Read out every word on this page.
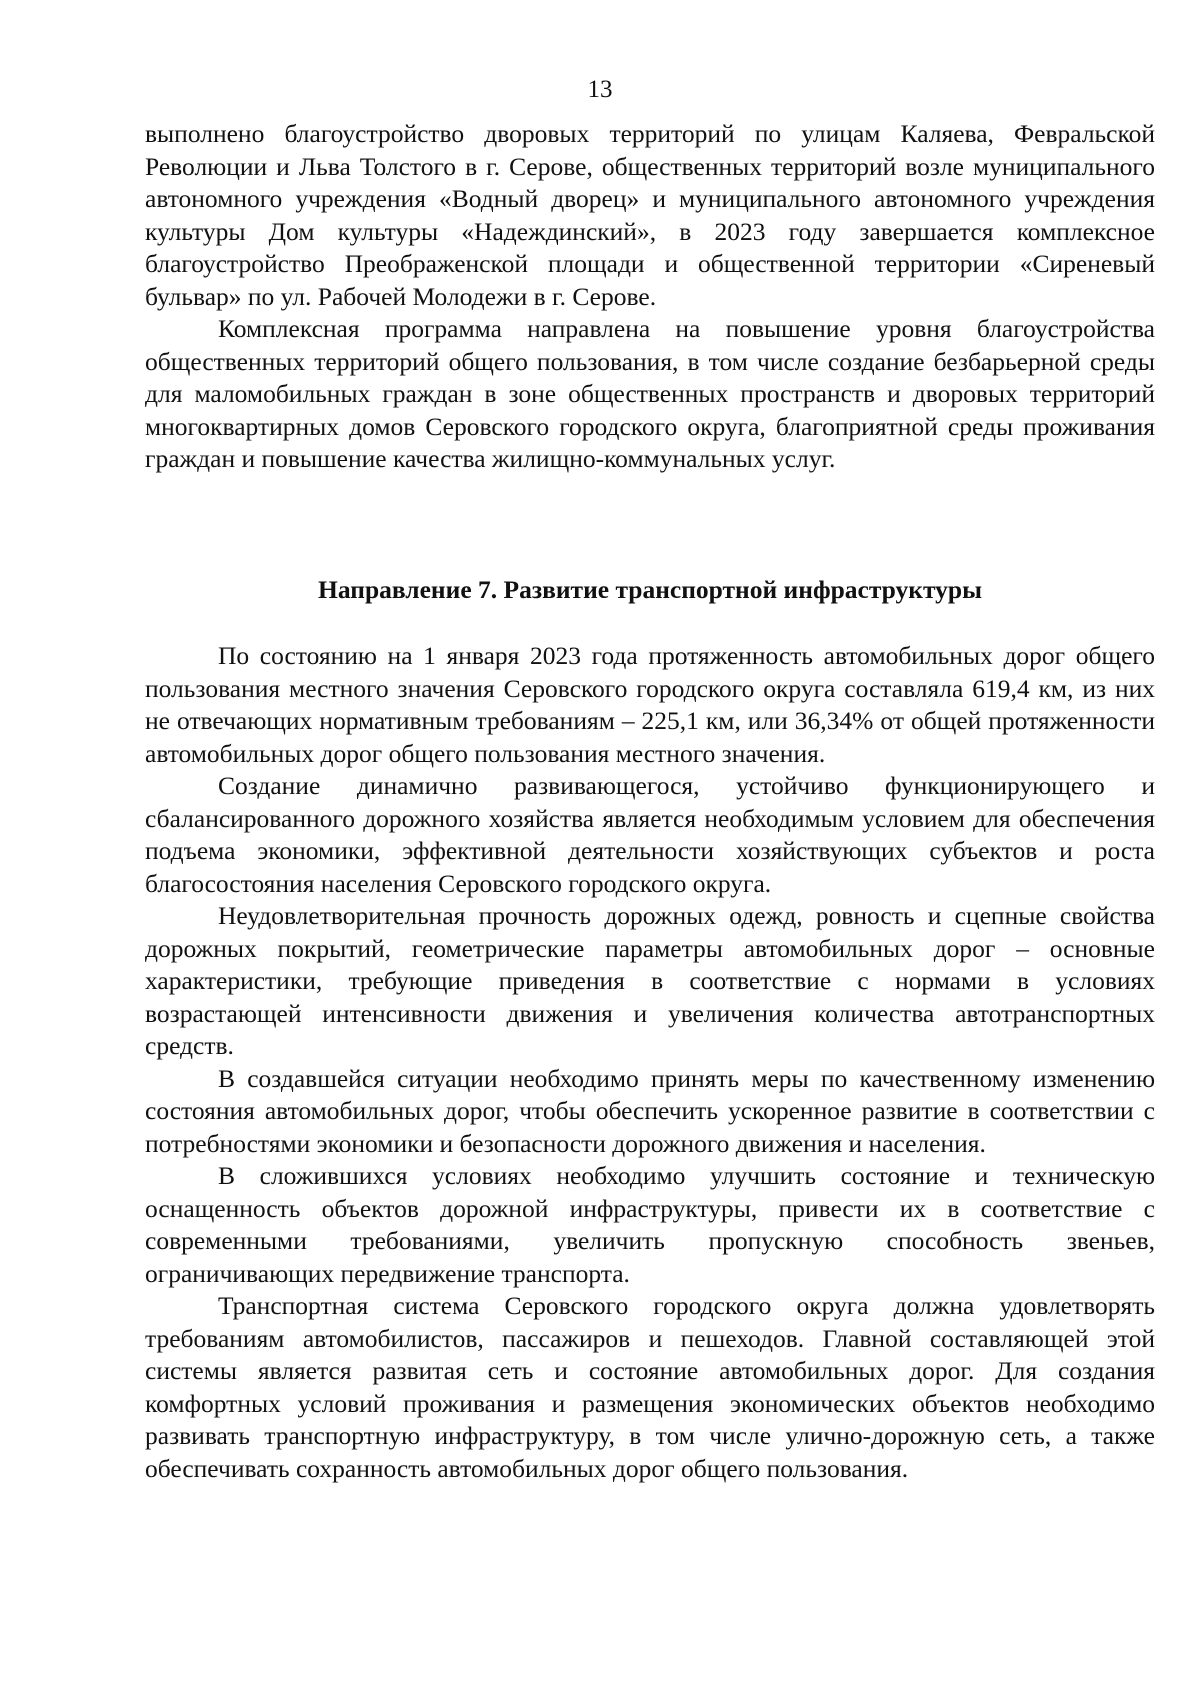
13

выполнено благоустройство дворовых территорий по улицам Каляева, Февральской Революции и Льва Толстого в г. Серове, общественных территорий возле муниципального автономного учреждения «Водный дворец» и муниципального автономного учреждения культуры Дом культуры «Надеждинский», в 2023 году завершается комплексное благоустройство Преображенской площади и общественной территории «Сиреневый бульвар» по ул. Рабочей Молодежи в г. Серове.

Комплексная программа направлена на повышение уровня благоустройства общественных территорий общего пользования, в том числе создание безбарьерной среды для маломобильных граждан в зоне общественных пространств и дворовых территорий многоквартирных домов Серовского городского округа, благоприятной среды проживания граждан и повышение качества жилищно-коммунальных услуг.

Направление 7. Развитие транспортной инфраструктуры

По состоянию на 1 января 2023 года протяженность автомобильных дорог общего пользования местного значения Серовского городского округа составляла 619,4 км, из них не отвечающих нормативным требованиям – 225,1 км, или 36,34% от общей протяженности автомобильных дорог общего пользования местного значения.

Создание динамично развивающегося, устойчиво функционирующего и сбалансированного дорожного хозяйства является необходимым условием для обеспечения подъема экономики, эффективной деятельности хозяйствующих субъектов и роста благосостояния населения Серовского городского округа.

Неудовлетворительная прочность дорожных одежд, ровность и сцепные свойства дорожных покрытий, геометрические параметры автомобильных дорог – основные характеристики, требующие приведения в соответствие с нормами в условиях возрастающей интенсивности движения и увеличения количества автотранспортных средств.

В создавшейся ситуации необходимо принять меры по качественному изменению состояния автомобильных дорог, чтобы обеспечить ускоренное развитие в соответствии с потребностями экономики и безопасности дорожного движения и населения.

В сложившихся условиях необходимо улучшить состояние и техническую оснащенность объектов дорожной инфраструктуры, привести их в соответствие с современными требованиями, увеличить пропускную способность звеньев, ограничивающих передвижение транспорта.

Транспортная система Серовского городского округа должна удовлетворять требованиям автомобилистов, пассажиров и пешеходов. Главной составляющей этой системы является развитая сеть и состояние автомобильных дорог. Для создания комфортных условий проживания и размещения экономических объектов необходимо развивать транспортную инфраструктуру, в том числе улично-дорожную сеть, а также обеспечивать сохранность автомобильных дорог общего пользования.
